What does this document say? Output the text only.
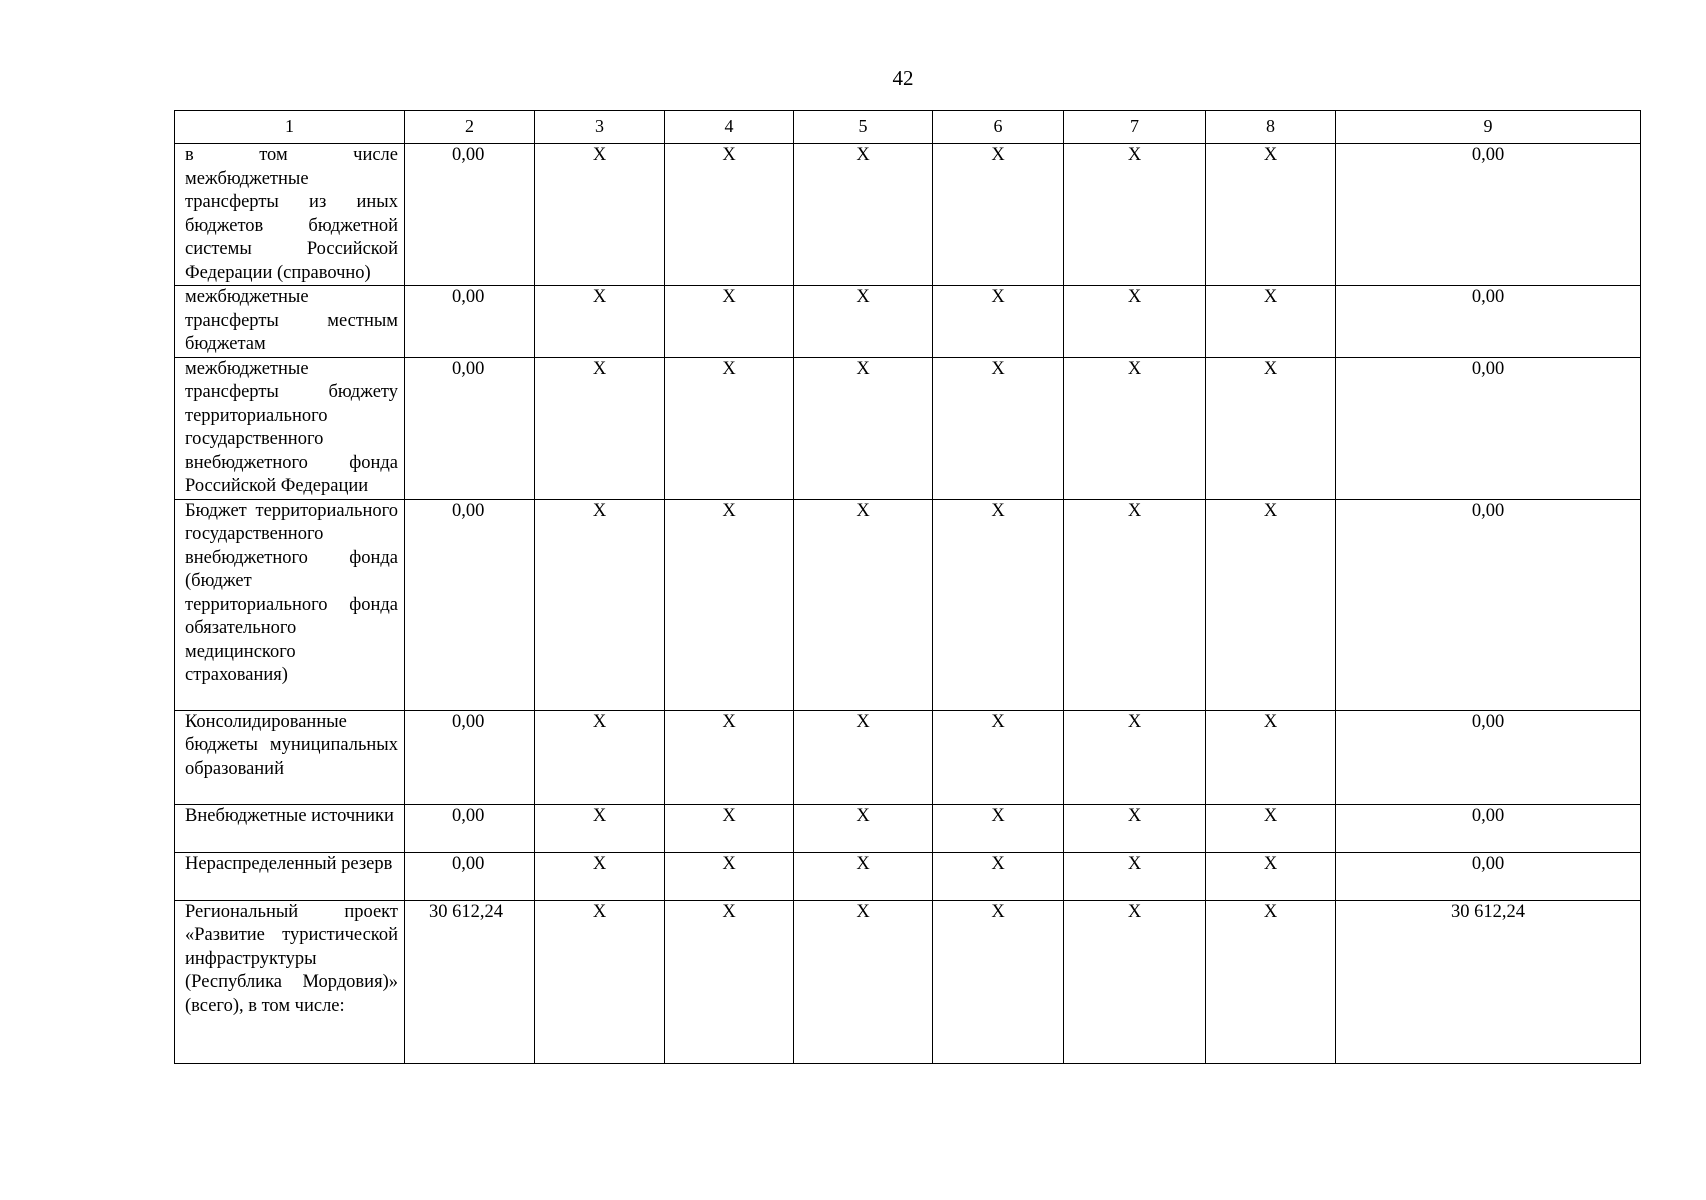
42
1	2	3	4	5	6	7	8	9
в том числе межбюджетные трансферты из иных бюджетов бюджетной системы Российской Федерации (справочно)	0,00	X	X	X	X	X	X	0,00
межбюджетные трансферты местным бюджетам	0,00	X	X	X	X	X	X	0,00
межбюджетные трансферты бюджету территориального государственного внебюджетного фонда Российской Федерации	0,00	X	X	X	X	X	X	0,00
Бюджет территориального государственного внебюджетного фонда (бюджет территориального фонда обязательного медицинского страхования)	0,00	X	X	X	X	X	X	0,00
Консолидированные бюджеты муниципальных образований	0,00	X	X	X	X	X	X	0,00
Внебюджетные источники	0,00	X	X	X	X	X	X	0,00
Нераспределенный резерв	0,00	X	X	X	X	X	X	0,00
Региональный проект «Развитие туристической инфраструктуры (Республика Мордовия)» (всего), в том числе:	30 612,24	X	X	X	X	X	X	30 612,24
